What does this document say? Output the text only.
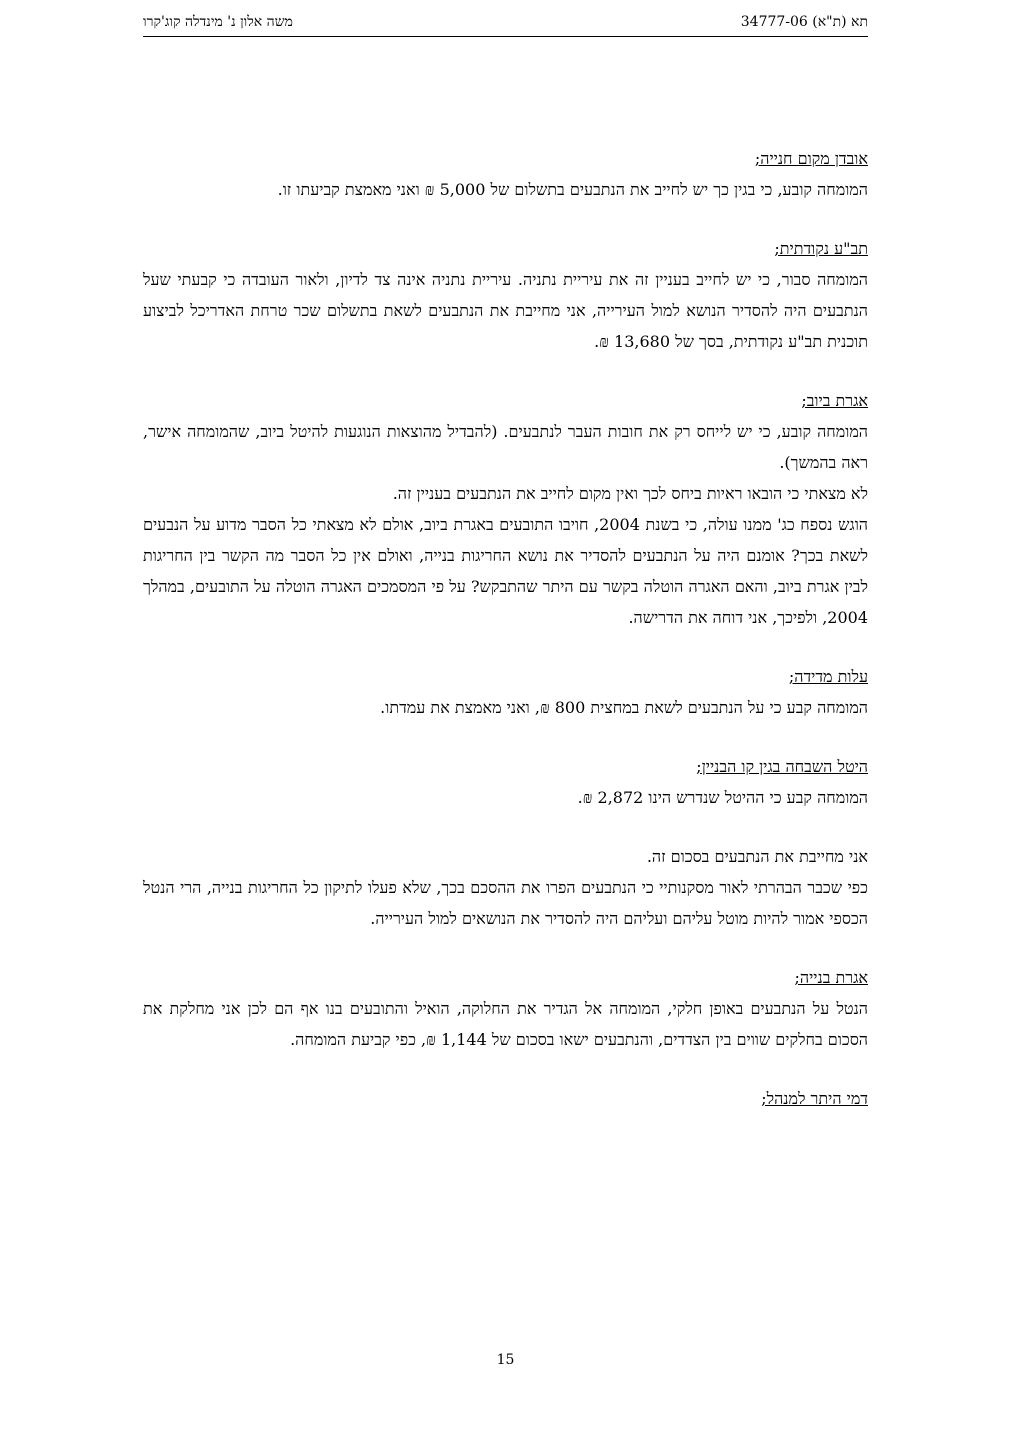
תא (ת"א) 34777-06
משה אלון נ' מינדלה קוג'קרו

אובדן מקום חנייה;

המומחה קובע, כי בגין כך יש לחייב את הנתבעים בתשלום של 5,000 ₪ ואני מאמצת קביעתו זו.

תב"ע נקודתית;

המומחה סבור, כי יש לחייב בעניין זה את עיריית נתניה. עיריית נתניה אינה צד לדיון, ולאור העובדה כי קבעתי שעל הנתבעים היה להסדיר הנושא למול העירייה, אני מחייבת את הנתבעים לשאת בתשלום שכר טרחת האדריכל לביצוע תוכנית תב"ע נקודתית, בסך של 13,680 ₪.

אגרת ביוב;

המומחה קובע, כי יש לייחס רק את חובות העבר לנתבעים. (להבדיל מהוצאות הנוגעות להיטל ביוב, שהמומחה אישר, ראה בהמשך).

לא מצאתי כי הובאו ראיות ביחס לכך ואין מקום לחייב את הנתבעים בעניין זה.

הוגש נספח כג' ממנו עולה, כי בשנת 2004, חויבו התובעים באגרת ביוב, אולם לא מצאתי כל הסבר מדוע על הנבעים לשאת בכך? אומנם היה על הנתבעים להסדיר את נושא החריגות בנייה, ואולם אין כל הסבר מה הקשר בין החריגות לבין אגרת ביוב, והאם האגרה הוטלה בקשר עם היתר שהתבקש? על פי המסמכים האגרה הוטלה על התובעים, במהלך 2004, ולפיכך, אני דוחה את הדרישה.

עלות מדידה;

המומחה קבע כי על הנתבעים לשאת במחצית 800 ₪, ואני מאמצת את עמדתו.

היטל השבחה בגין קו הבניין;

המומחה קבע כי ההיטל שנדרש הינו 2,872 ₪.

אני מחייבת את הנתבעים בסכום זה.

כפי שכבר הבהרתי לאור מסקנותיי כי הנתבעים הפרו את ההסכם בכך, שלא פעלו לתיקון כל החריגות בנייה, הרי הנטל הכספי אמור להיות מוטל עליהם ועליהם היה להסדיר את הנושאים למול העירייה.

אגרת בנייה;

הנטל על הנתבעים באופן חלקי, המומחה אל הגדיר את החלוקה, הואיל והתובעים בנו אף הם לכן אני מחלקת את הסכום בחלקים שווים בין הצדדים, והנתבעים ישאו בסכום של 1,144 ₪, כפי קביעת המומחה.

דמי היתר למנהל;

15
